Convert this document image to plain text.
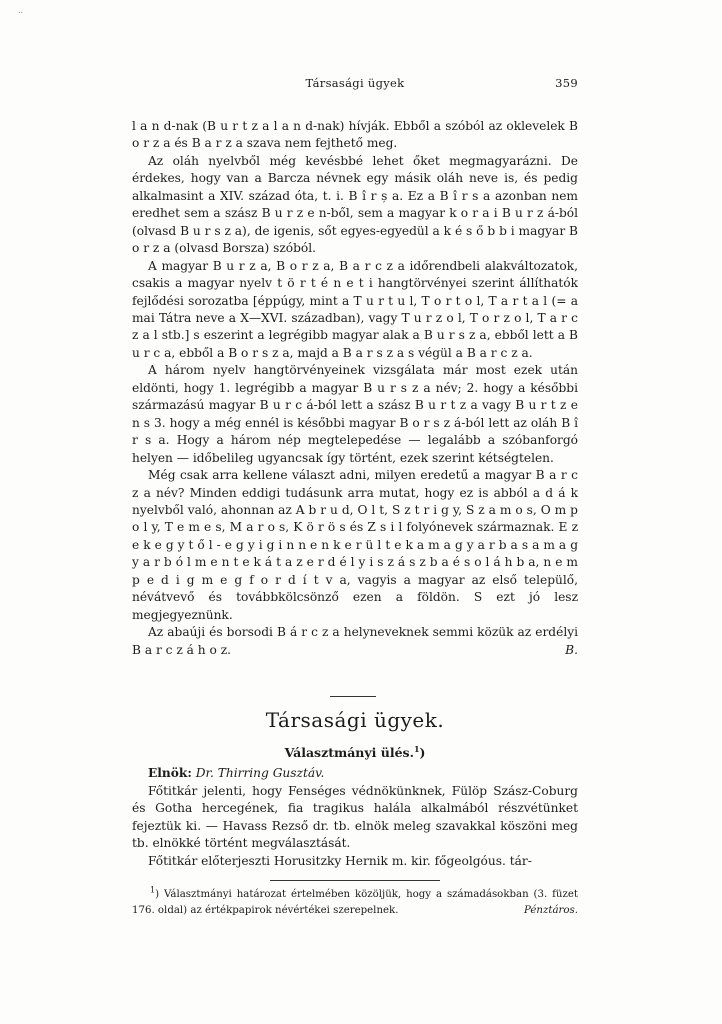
..
Társasági ügyek	359

l a n d-nak (B u r t z a l a n d-nak) hívják. Ebből a szóból az oklevelek B o r z a és B a r z a szava nem fejthető meg.

Az oláh nyelvből még kevésbbé lehet őket megmagyarázni. De érdekes, hogy van a Barcza névnek egy másik oláh neve is, és pedig alkalmasint a XIV. század óta, t. i. B î r ș a. Ez a B î r s a azonban nem eredhet sem a szász B u r z e n-ből, sem a magyar k o r a i B u r z á-ból (olvasd B u r s z a), de igenis, sőt egyes-egyedül a k é s ő b b i magyar B o r z a (olvasd Borsza) szóból.

A magyar B u r z a, B o r z a, B a r c z a időrendbeli alakváltozatok, csakis a magyar nyelv t ö r t é n e t i hangtörvényei szerint állíthatók fejlődési sorozatba [éppúgy, mint a T u r t u l, T o r t o l, T a r t a l (= a mai Tátra neve a X—XVI. században), vagy T u r z o l, T o r z o l, T a r c z a l stb.] s eszerint a legrégibb magyar alak a B u r s z a, ebből lett a B u r c a, ebből a B o r s z a, majd a B a r s z a s végül a B a r c z a.

A három nyelv hangtörvényeinek vizsgálata már most ezek után eldönti, hogy 1. legrégibb a magyar B u r s z a név; 2. hogy a későbbi származású magyar B u r c á-ból lett a szász B u r t z a vagy B u r t z e n s 3. hogy a még ennél is későbbi magyar B o r s z á-ból lett az oláh B î r s a. Hogy a három nép megtelepedése — legalább a szóbanforgó helyen — időbelileg ugyancsak így történt, ezek szerint kétségtelen.

Még csak arra kellene választ adni, milyen eredetű a magyar B a r c z a név? Minden eddigi tudásunk arra mutat, hogy ez is abból a d á k nyelvből való, ahonnan az A b r u d, O l t, S z t r i g y, S z a m o s, O m p o l y, T e m e s, M a r o s, K ö r ö s és Z s i l folyónevek származnak. E z e k e g y t ő l - e g y i g i n n e n k e r ü l t e k a m a g y a r b a s a m a g y a r b ó l m e n t e k á t a z e r d é l y i s z á s z b a é s o l á h b a, n e m p e d i g m e g f o r d í t v a, vagyis a magyar az első települő, névátvevő és továbbkölcsönző ezen a földön. S ezt jó lesz megjegyeznünk.

Az abaúji és borsodi B á r c z a helyneveknek semmi közük az erdélyi B a r c z á h o z.	B.

Társasági ügyek.
Választmányi ülés.$^1$)

Elnök: Dr. Thirring Gusztáv.

Főtitkár jelenti, hogy Fenséges védnökünknek, Fülöp Szász-Coburg és Gotha hercegének, fia tragikus halála alkalmából részvétünket fejeztük ki. — Havass Rezső dr. tb. elnök meleg szavakkal köszöni meg tb. elnökké történt megválasztását.

Főtitkár előterjeszti Horusitzky Hernik m. kir. főgeolgóus. tár-

$^1$) Választmányi határozat értelmében közöljük, hogy a számadásokban (3. füzet 176. oldal) az értékpapirok névértékei szerepelnek.	Pénztáros.
